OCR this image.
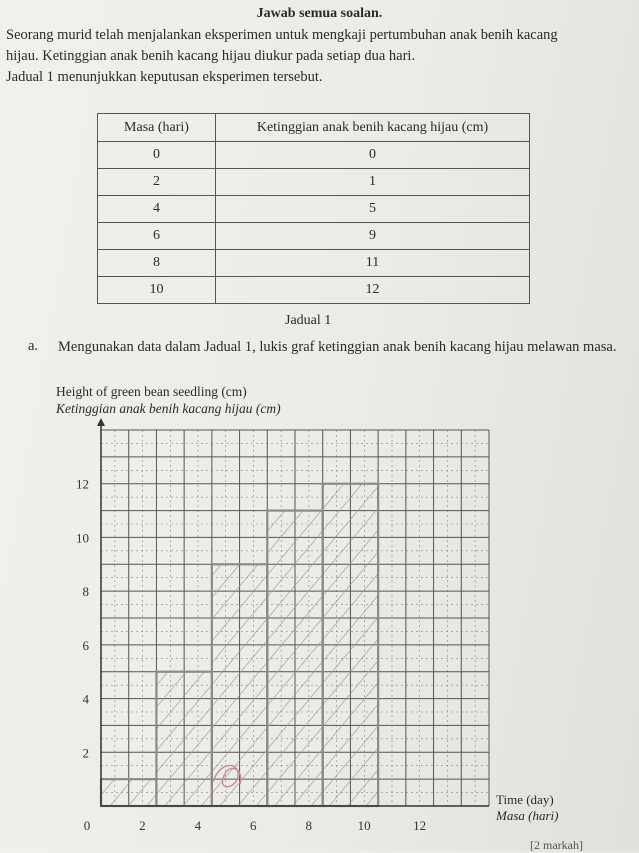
Jawab semua soalan.
Seorang murid telah menjalankan eksperimen untuk mengkaji pertumbuhan anak benih kacang
hijau. Ketinggian anak benih kacang hijau diukur pada setiap dua hari.
Jadual 1 menunjukkan keputusan eksperimen tersebut.
Masa (hari)	Ketinggian anak benih kacang hijau (cm)
0	0
2	1
4	5
6	9
8	11
10	12
Jadual 1
a. Mengunakan data dalam Jadual 1, lukis graf ketinggian anak benih kacang hijau melawan masa.
Height of green bean seedling (cm)
Ketinggian anak benih kacang hijau (cm)
Time (day)
Masa (hari)
[2 markah]
0	2	4	6	8	10	12
2
4
6
8
10
12
